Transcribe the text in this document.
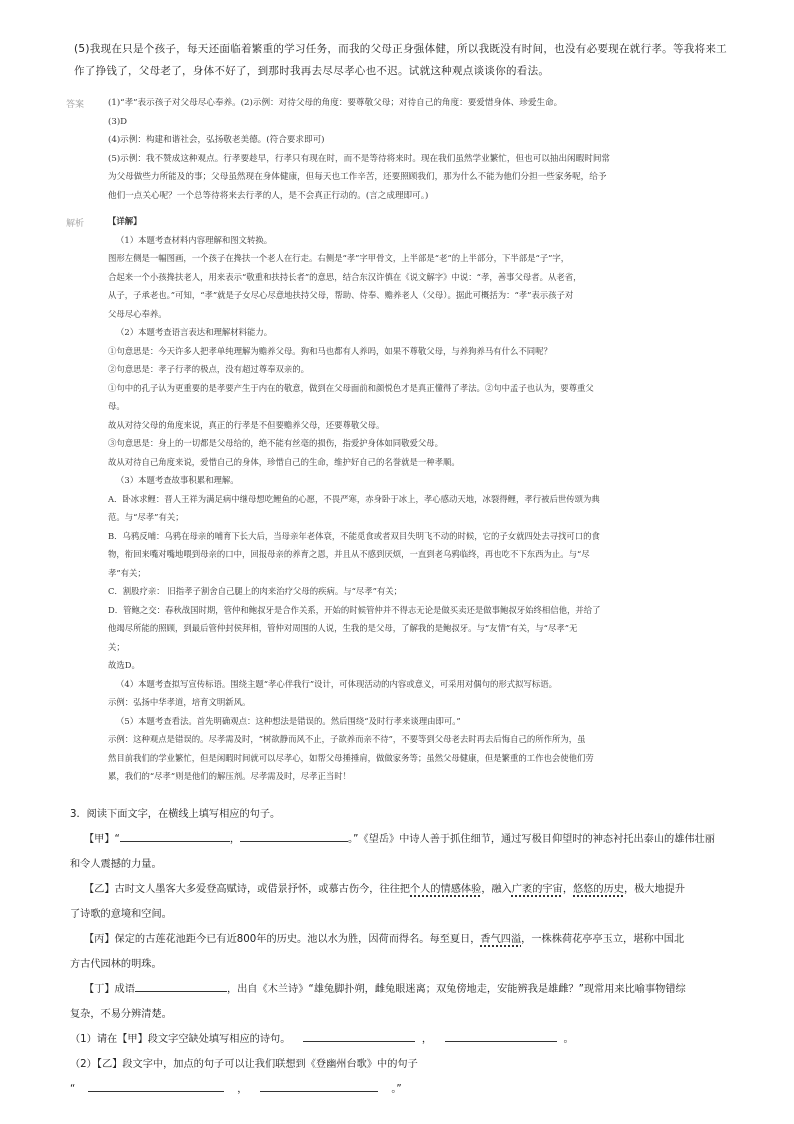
(5)我现在只是个孩子，每天还面临着繁重的学习任务，而我的父母正身强体健，所以我既没有时间，也没有必要现在就行孝。等我将来工
作了挣钱了，父母老了，身体不好了，到那时我再去尽尽孝心也不迟。试就这种观点谈谈你的看法。
答案	(1)“孝”表示孩子对父母尽心奉养。(2)示例：对待父母的角度：要尊敬父母；对待自己的角度：要爱惜身体、珍爱生命。

(3)D

(4)示例：构建和谐社会，弘扬敬老美德。(符合要求即可)

(5)示例：我不赞成这种观点。行孝要趁早，行孝只有现在时，而不是等待将来时。现在我们虽然学业繁忙，但也可以抽出闲暇时间常

为父母做些力所能及的事；父母虽然现在身体健康，但每天也工作辛苦，还要照顾我们，那为什么不能为他们分担一些家务呢，给予

他们一点关心呢？一个总等待将来去行孝的人，是不会真正行动的。(言之成理即可。)

解析	【详解】

（1）本题考查材料内容理解和图文转换。

图形左侧是一幅图画，一个孩子在搀扶一个老人在行走。右侧是“孝”字甲骨文，上半部是“老”的上半部分，下半部是“子”字，

合起来一个小孩搀扶老人，用来表示“敬重和扶持长者”的意思，结合东汉许慎在《说文解字》中说：“孝，善事父母者。从老省，

从子，子承老也。”可知，“孝”就是子女尽心尽意地扶持父母，帮助、侍奉、赡养老人（父母）。据此可概括为：“孝”表示孩子对

父母尽心奉养。

（2）本题考查语言表达和理解材料能力。

①句意思是：今天许多人把孝单纯理解为赡养父母。狗和马也都有人养吗，如果不尊敬父母，与养狗养马有什么不同呢？

②句意思是：孝子行孝的极点，没有超过尊奉双亲的。

①句中的孔子认为更重要的是孝要产生于内在的敬意，做到在父母面前和颜悦色才是真正懂得了孝法。②句中孟子也认为，要尊重父

母。

故从对待父母的角度来说，真正的行孝是不但要赡养父母，还要尊敬父母。

③句意思是：身上的一切都是父母给的，绝不能有丝毫的损伤，指爱护身体如同敬爱父母。

故从对待自己角度来说，爱惜自己的身体，珍惜自己的生命，维护好自己的名誉就是一种孝顺。

（3）本题考查故事积累和理解。

A．卧冰求鲤：晋人王祥为满足病中继母想吃鲤鱼的心愿，不畏严寒，赤身卧于冰上，孝心感动天地，冰裂得鲤，孝行被后世传颂为典

范。与“尽孝”有关；

B．乌鸦反哺：乌鸦在母亲的哺育下长大后，当母亲年老体衰，不能觅食或者双目失明飞不动的时候，它的子女就四处去寻找可口的食

物，衔回来嘴对嘴地喂到母亲的口中，回报母亲的养育之恩，并且从不感到厌烦，一直到老乌鸦临终，再也吃不下东西为止。与“尽

孝”有关；

C．割股疗亲： 旧指孝子割舍自己腿上的肉来治疗父母的疾病。与“尽孝”有关；

D．管鲍之交：春秋战国时期，管仲和鲍叔牙是合作关系，开始的时候管仲并不得志无论是做买卖还是做事鲍叔牙始终相信他，并给了

他竭尽所能的照顾，到最后管仲封侯拜相，管仲对周围的人说，生我的是父母，了解我的是鲍叔牙。与“友情”有关，与“尽孝”无

关；

故选D。

（4）本题考查拟写宣传标语。围绕主题“孝心伴我行”设计，可体现活动的内容或意义，可采用对偶句的形式拟写标语。

示例：弘扬中华孝道，培育文明新风。

（5）本题考查看法。首先明确观点：这种想法是错误的。然后围绕“及时行孝来谈理由即可。”

示例：这种观点是错误的。尽孝需及时，“树欲静而风不止，子欲养而亲不待”，不要等到父母老去时再去后悔自己的所作所为，虽

然目前我们的学业繁忙，但是闲暇时间就可以尽孝心，如帮父母捶捶肩，做做家务等；虽然父母健康，但是繁重的工作也会使他们劳

累，我们的“尽孝”则是他们的解压剂。尽孝需及时，尽孝正当时！

3．阅读下面文字，在横线上填写相应的句子。

【甲】“	，	。”《望岳》中诗人善于抓住细节，通过写极目仰望时的神态衬托出泰山的雄伟壮丽

和令人震撼的力量。

【乙】古时文人墨客大多爱登高赋诗，或借景抒怀，或慕古伤今，往往把个人的情感体验，融入广袤的宇宙，悠悠的历史，极大地提升

了诗歌的意境和空间。

【丙】保定的古莲花池距今已有近800年的历史。池以水为胜，因荷而得名。每至夏日，香气四溢，一株株荷花亭亭玉立，堪称中国北

方古代园林的明珠。

【丁】成语	，出自《木兰诗》“雄兔脚扑朔，雌兔眼迷离；双兔傍地走，安能辨我是雄雌？”现常用来比喻事物错综

复杂，不易分辨清楚。

（1）请在【甲】段文字空缺处填写相应的诗句。	，	。

（2）【乙】段文字中，加点的句子可以让我们联想到《登幽州台歌》中的句子

“	，	。”
